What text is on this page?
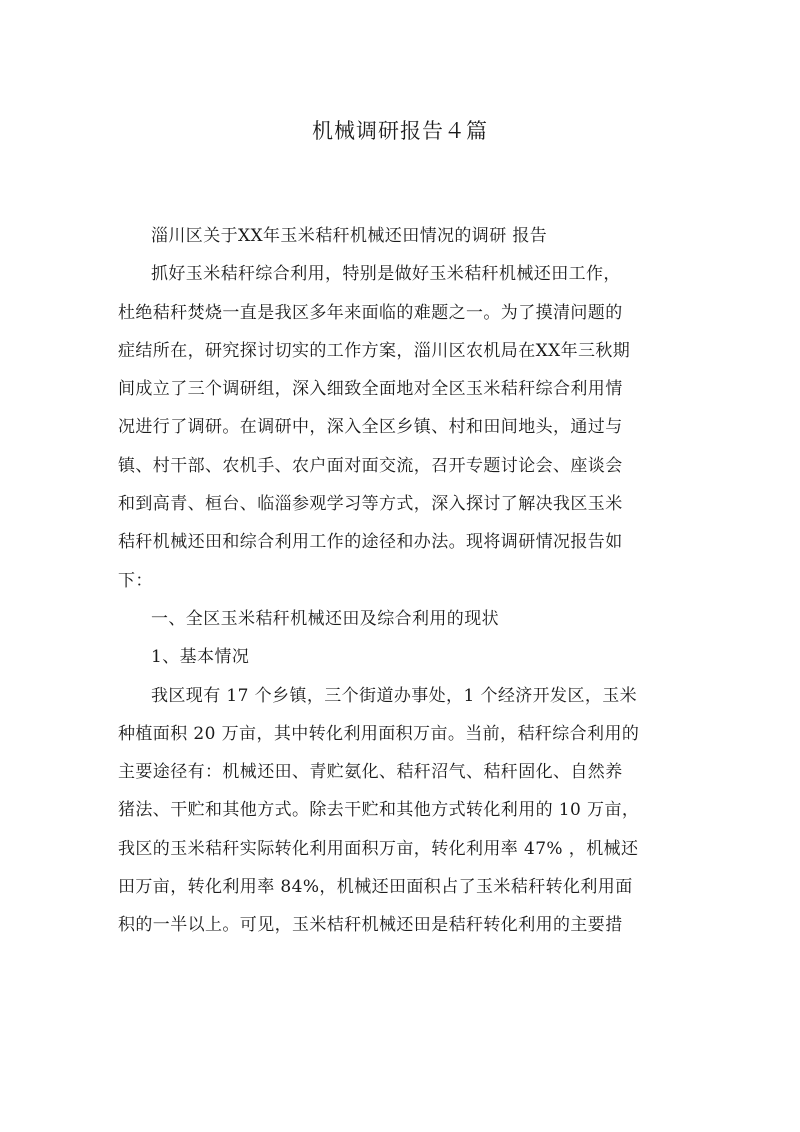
机械调研报告４篇
淄川区关于XX年玉米秸秆机械还田情况的调研 报告
抓好玉米秸秆综合利用，特别是做好玉米秸秆机械还田工作，
杜绝秸秆焚烧一直是我区多年来面临的难题之一。为了摸清问题的
症结所在，研究探讨切实的工作方案，淄川区农机局在XX年三秋期
间成立了三个调研组，深入细致全面地对全区玉米秸秆综合利用情
况进行了调研。在调研中，深入全区乡镇、村和田间地头，通过与
镇、村干部、农机手、农户面对面交流，召开专题讨论会、座谈会
和到高青、桓台、临淄参观学习等方式，深入探讨了解决我区玉米
秸秆机械还田和综合利用工作的途径和办法。现将调研情况报告如
下：
一、全区玉米秸秆机械还田及综合利用的现状
1、基本情况
我区现有 17 个乡镇，三个街道办事处，1 个经济开发区，玉米
种植面积 20 万亩，其中转化利用面积万亩。当前，秸秆综合利用的
主要途径有：机械还田、青贮氨化、秸秆沼气、秸秆固化、自然养
猪法、干贮和其他方式。除去干贮和其他方式转化利用的 10 万亩，
我区的玉米秸秆实际转化利用面积万亩，转化利用率 47% ，机械还
田万亩，转化利用率 84%，机械还田面积占了玉米秸秆转化利用面
积的一半以上。可见，玉米桔秆机械还田是秸秆转化利用的主要措
